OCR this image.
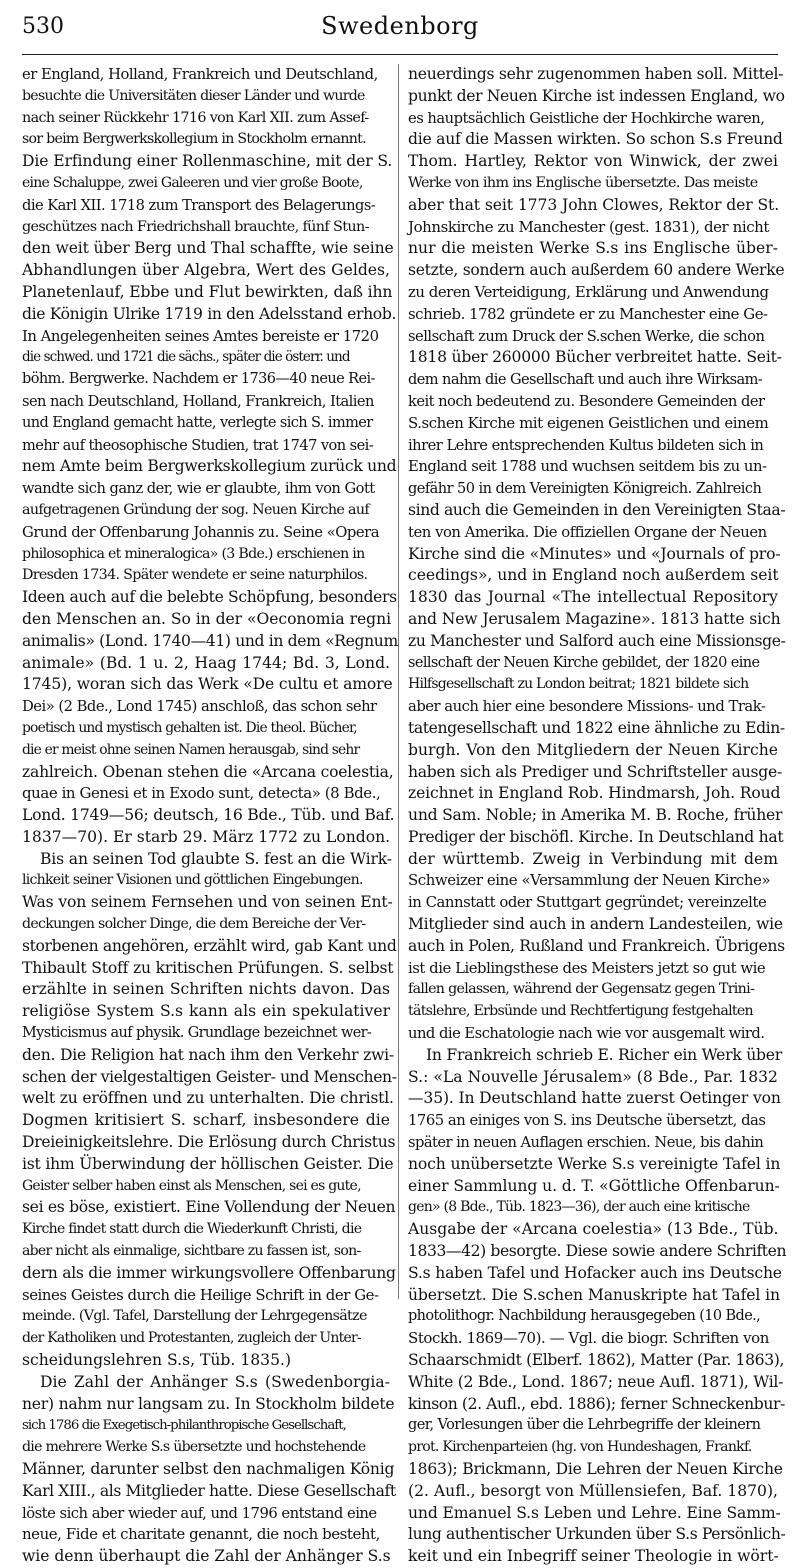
530	Swedenborg
er England, Holland, Frankreich und Deutschland,
besuchte die Universitäten dieser Länder und wurde
nach seiner Rückkehr 1716 von Karl XII. zum Assef-
sor beim Bergwerkskollegium in Stockholm ernannt.
Die Erfindung einer Rollenmaschine, mit der S.
eine Schaluppe, zwei Galeeren und vier große Boote,
die Karl XII. 1718 zum Transport des Belagerungs-
geschützes nach Friedrichshall brauchte, fünf Stun-
den weit über Berg und Thal schaffte, wie seine
Abhandlungen über Algebra, Wert des Geldes,
Planetenlauf, Ebbe und Flut bewirkten, daß ihn
die Königin Ulrike 1719 in den Adelsstand erhob.
In Angelegenheiten seines Amtes bereiste er 1720
die schwed. und 1721 die sächs., später die österr. und
böhm. Bergwerke. Nachdem er 1736—40 neue Rei-
sen nach Deutschland, Holland, Frankreich, Italien
und England gemacht hatte, verlegte sich S. immer
mehr auf theosophische Studien, trat 1747 von sei-
nem Amte beim Bergwerkskollegium zurück und
wandte sich ganz der, wie er glaubte, ihm von Gott
aufgetragenen Gründung der sog. Neuen Kirche auf
Grund der Offenbarung Johannis zu. Seine «Opera
philosophica et mineralogica» (3 Bde.) erschienen in
Dresden 1734. Später wendete er seine naturphilos.
Ideen auch auf die belebte Schöpfung, besonders
den Menschen an. So in der «Oeconomia regni
animalis» (Lond. 1740—41) und in dem «Regnum
animale» (Bd. 1 u. 2, Haag 1744; Bd. 3, Lond.
1745), woran sich das Werk «De cultu et amore
Dei» (2 Bde., Lond 1745) anschloß, das schon sehr
poetisch und mystisch gehalten ist. Die theol. Bücher,
die er meist ohne seinen Namen herausgab, sind sehr
zahlreich. Obenan stehen die «Arcana coelestia,
quae in Genesi et in Exodo sunt, detecta» (8 Bde.,
Lond. 1749—56; deutsch, 16 Bde., Tüb. und Baf.
1837—70). Er starb 29. März 1772 zu London.
Bis an seinen Tod glaubte S. fest an die Wirk-
lichkeit seiner Visionen und göttlichen Eingebungen.
Was von seinem Fernsehen und von seinen Ent-
deckungen solcher Dinge, die dem Bereiche der Ver-
storbenen angehören, erzählt wird, gab Kant und
Thibault Stoff zu kritischen Prüfungen. S. selbst
erzählte in seinen Schriften nichts davon. Das
religiöse System S.s kann als ein spekulativer
Mysticismus auf physik. Grundlage bezeichnet wer-
den. Die Religion hat nach ihm den Verkehr zwi-
schen der vielgestaltigen Geister- und Menschen-
welt zu eröffnen und zu unterhalten. Die christl.
Dogmen kritisiert S. scharf, insbesondere die
Dreieinigkeitslehre. Die Erlösung durch Christus
ist ihm Überwindung der höllischen Geister. Die
Geister selber haben einst als Menschen, sei es gute,
sei es böse, existiert. Eine Vollendung der Neuen
Kirche findet statt durch die Wiederkunft Christi, die
aber nicht als einmalige, sichtbare zu fassen ist, son-
dern als die immer wirkungsvollere Offenbarung
seines Geistes durch die Heilige Schrift in der Ge-
meinde. (Vgl. Tafel, Darstellung der Lehrgegensätze
der Katholiken und Protestanten, zugleich der Unter-
scheidungslehren S.s, Tüb. 1835.)
Die Zahl der Anhänger S.s (Swedenborgia-
ner) nahm nur langsam zu. In Stockholm bildete
sich 1786 die Exegetisch-philanthropische Gesellschaft,
die mehrere Werke S.s übersetzte und hochstehende
Männer, darunter selbst den nachmaligen König
Karl XIII., als Mitglieder hatte. Diese Gesellschaft
löste sich aber wieder auf, und 1796 entstand eine
neue, Fide et charitate genannt, die noch besteht,
wie denn überhaupt die Zahl der Anhänger S.s
neuerdings sehr zugenommen haben soll. Mittel-
punkt der Neuen Kirche ist indessen England, wo
es hauptsächlich Geistliche der Hochkirche waren,
die auf die Massen wirkten. So schon S.s Freund
Thom. Hartley, Rektor von Winwick, der zwei
Werke von ihm ins Englische übersetzte. Das meiste
aber that seit 1773 John Clowes, Rektor der St.
Johnskirche zu Manchester (gest. 1831), der nicht
nur die meisten Werke S.s ins Englische über-
setzte, sondern auch außerdem 60 andere Werke
zu deren Verteidigung, Erklärung und Anwendung
schrieb. 1782 gründete er zu Manchester eine Ge-
sellschaft zum Druck der S.schen Werke, die schon
1818 über 260000 Bücher verbreitet hatte. Seit-
dem nahm die Gesellschaft und auch ihre Wirksam-
keit noch bedeutend zu. Besondere Gemeinden der
S.schen Kirche mit eigenen Geistlichen und einem
ihrer Lehre entsprechenden Kultus bildeten sich in
England seit 1788 und wuchsen seitdem bis zu un-
gefähr 50 in dem Vereinigten Königreich. Zahlreich
sind auch die Gemeinden in den Vereinigten Staa-
ten von Amerika. Die offiziellen Organe der Neuen
Kirche sind die «Minutes» und «Journals of pro-
ceedings», und in England noch außerdem seit
1830 das Journal «The intellectual Repository
and New Jerusalem Magazine». 1813 hatte sich
zu Manchester und Salford auch eine Missionsge-
sellschaft der Neuen Kirche gebildet, der 1820 eine
Hilfsgesellschaft zu London beitrat; 1821 bildete sich
aber auch hier eine besondere Missions- und Trak-
tatengesellschaft und 1822 eine ähnliche zu Edin-
burgh. Von den Mitgliedern der Neuen Kirche
haben sich als Prediger und Schriftsteller ausge-
zeichnet in England Rob. Hindmarsh, Joh. Roud
und Sam. Noble; in Amerika M. B. Roche, früher
Prediger der bischöfl. Kirche. In Deutschland hat
der württemb. Zweig in Verbindung mit dem
Schweizer eine «Versammlung der Neuen Kirche»
in Cannstatt oder Stuttgart gegründet; vereinzelte
Mitglieder sind auch in andern Landesteilen, wie
auch in Polen, Rußland und Frankreich. Übrigens
ist die Lieblingsthese des Meisters jetzt so gut wie
fallen gelassen, während der Gegensatz gegen Trini-
tätslehre, Erbsünde und Rechtfertigung festgehalten
und die Eschatologie nach wie vor ausgemalt wird.
In Frankreich schrieb E. Richer ein Werk über
S.: «La Nouvelle Jérusalem» (8 Bde., Par. 1832
—35). In Deutschland hatte zuerst Oetinger von
1765 an einiges von S. ins Deutsche übersetzt, das
später in neuen Auflagen erschien. Neue, bis dahin
noch unübersetzte Werke S.s vereinigte Tafel in
einer Sammlung u. d. T. «Göttliche Offenbarun-
gen» (8 Bde., Tüb. 1823—36), der auch eine kritische
Ausgabe der «Arcana coelestia» (13 Bde., Tüb.
1833—42) besorgte. Diese sowie andere Schriften
S.s haben Tafel und Hofacker auch ins Deutsche
übersetzt. Die S.schen Manuskripte hat Tafel in
photolithogr. Nachbildung herausgegeben (10 Bde.,
Stockh. 1869—70). — Vgl. die biogr. Schriften von
Schaarschmidt (Elberf. 1862), Matter (Par. 1863),
White (2 Bde., Lond. 1867; neue Aufl. 1871), Wil-
kinson (2. Aufl., ebd. 1886); ferner Schneckenbur-
ger, Vorlesungen über die Lehrbegriffe der kleinern
prot. Kirchenparteien (hg. von Hundeshagen, Frankf.
1863); Brickmann, Die Lehren der Neuen Kirche
(2. Aufl., besorgt von Müllensiefen, Baf. 1870),
und Emanuel S.s Leben und Lehre. Eine Samm-
lung authentischer Urkunden über S.s Persönlich-
keit und ein Inbegriff seiner Theologie in wört-
